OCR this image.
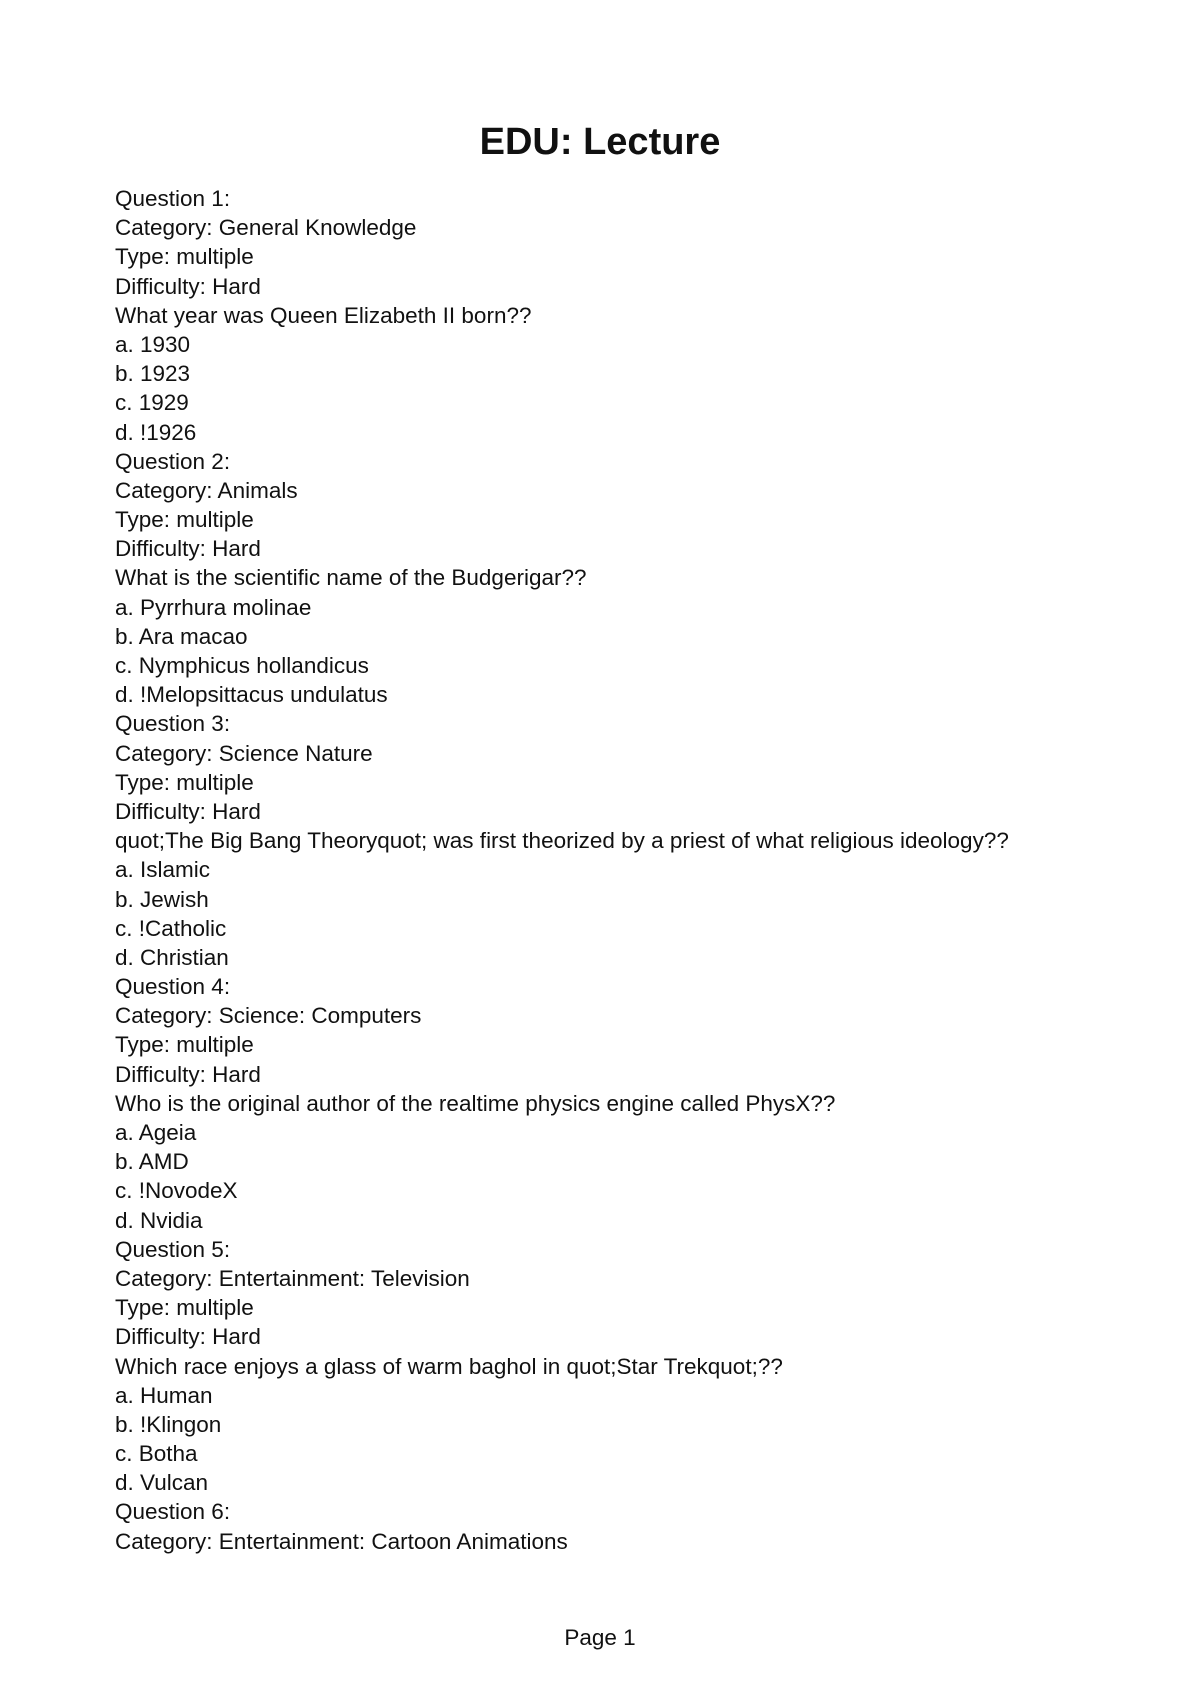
EDU: Lecture
Question 1:
Category: General Knowledge
Type: multiple
Difficulty: Hard
What year was Queen Elizabeth II born??
a. 1930
b. 1923
c. 1929
d. !1926
Question 2:
Category: Animals
Type: multiple
Difficulty: Hard
What is the scientific name of the Budgerigar??
a. Pyrrhura molinae
b. Ara macao
c. Nymphicus hollandicus
d. !Melopsittacus undulatus
Question 3:
Category: Science Nature
Type: multiple
Difficulty: Hard
quot;The Big Bang Theoryquot; was first theorized by a priest of what religious ideology??
a. Islamic
b. Jewish
c. !Catholic
d. Christian
Question 4:
Category: Science: Computers
Type: multiple
Difficulty: Hard
Who is the original author of the realtime physics engine called PhysX??
a. Ageia
b. AMD
c. !NovodeX
d. Nvidia
Question 5:
Category: Entertainment: Television
Type: multiple
Difficulty: Hard
Which race enjoys a glass of warm baghol in quot;Star Trekquot;??
a. Human
b. !Klingon
c. Botha
d. Vulcan
Question 6:
Category: Entertainment: Cartoon Animations
Page 1
